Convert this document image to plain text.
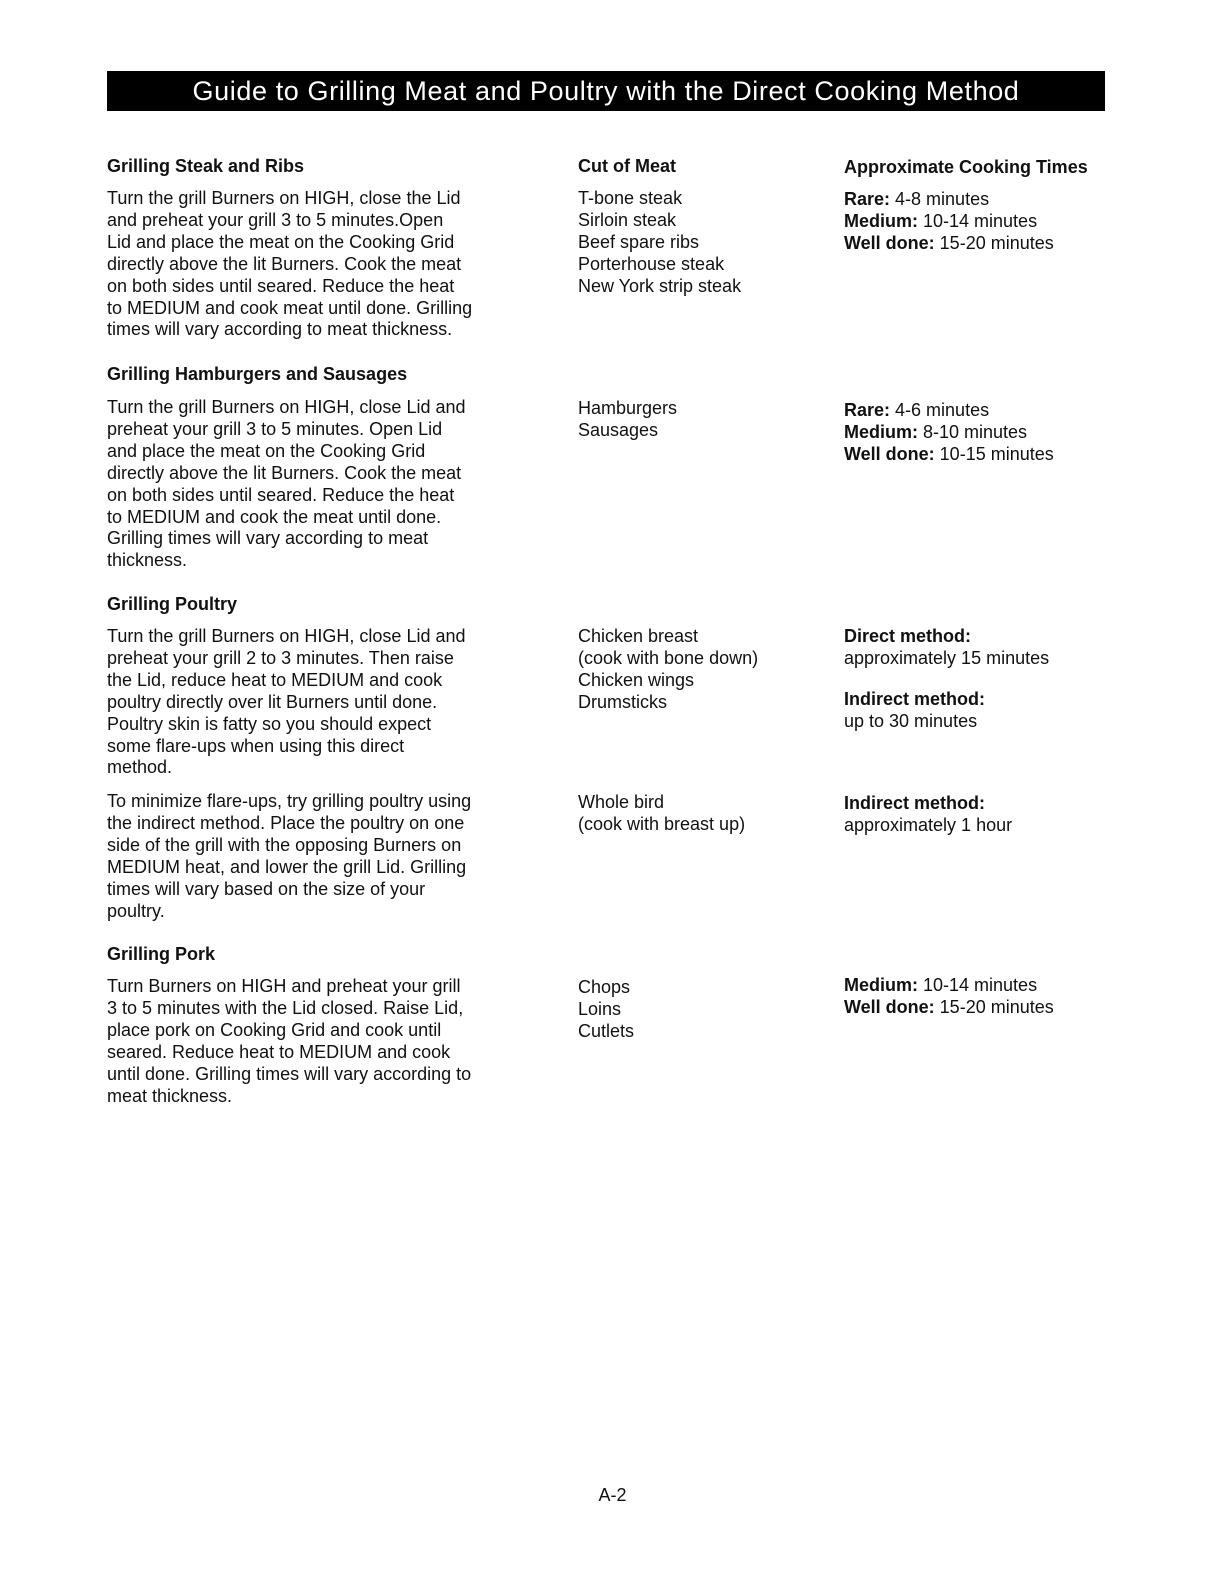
Guide to Grilling Meat and Poultry with the Direct Cooking Method
Cut of Meat	Approximate Cooking Times
Grilling Steak and Ribs
Turn the grill Burners on HIGH, close the Lid
and preheat your grill 3 to 5 minutes.Open
Lid and place the meat on the Cooking Grid
directly above the lit Burners. Cook the meat
on both sides until seared. Reduce the heat
to MEDIUM and cook meat until done. Grilling
times will vary according to meat thickness.
T-bone steak
Sirloin steak
Beef spare ribs
Porterhouse steak
New York strip steak
Rare: 4-8 minutes
Medium: 10-14 minutes
Well done: 15-20 minutes
Grilling Hamburgers and Sausages
Turn the grill Burners on HIGH, close Lid and
preheat your grill 3 to 5 minutes. Open Lid
and place the meat on the Cooking Grid
directly above the lit Burners. Cook the meat
on both sides until seared. Reduce the heat
to MEDIUM and cook the meat until done.
Grilling times will vary according to meat
thickness.
Hamburgers
Sausages
Rare: 4-6 minutes
Medium: 8-10 minutes
Well done: 10-15 minutes
Grilling Poultry
Turn the grill Burners on HIGH, close Lid and
preheat your grill 2 to 3 minutes. Then raise
the Lid, reduce heat to MEDIUM and cook
poultry directly over lit Burners until done.
Poultry skin is fatty so you should expect
some flare-ups when using this direct
method.
To minimize flare-ups, try grilling poultry using
the indirect method. Place the poultry on one
side of the grill with the opposing Burners on
MEDIUM heat, and lower the grill Lid. Grilling
times will vary based on the size of your
poultry.
Chicken breast
(cook with bone down)
Chicken wings
Drumsticks
Whole bird
(cook with breast up)
Direct method:
approximately 15 minutes
Indirect method:
up to 30 minutes
Indirect method:
approximately 1 hour
Grilling Pork
Turn Burners on HIGH and preheat your grill
3 to 5 minutes with the Lid closed. Raise Lid,
place pork on Cooking Grid and cook until
seared. Reduce heat to MEDIUM and cook
until done. Grilling times will vary according to
meat thickness.
Chops
Loins
Cutlets
Medium: 10-14 minutes
Well done: 15-20 minutes
A-2
